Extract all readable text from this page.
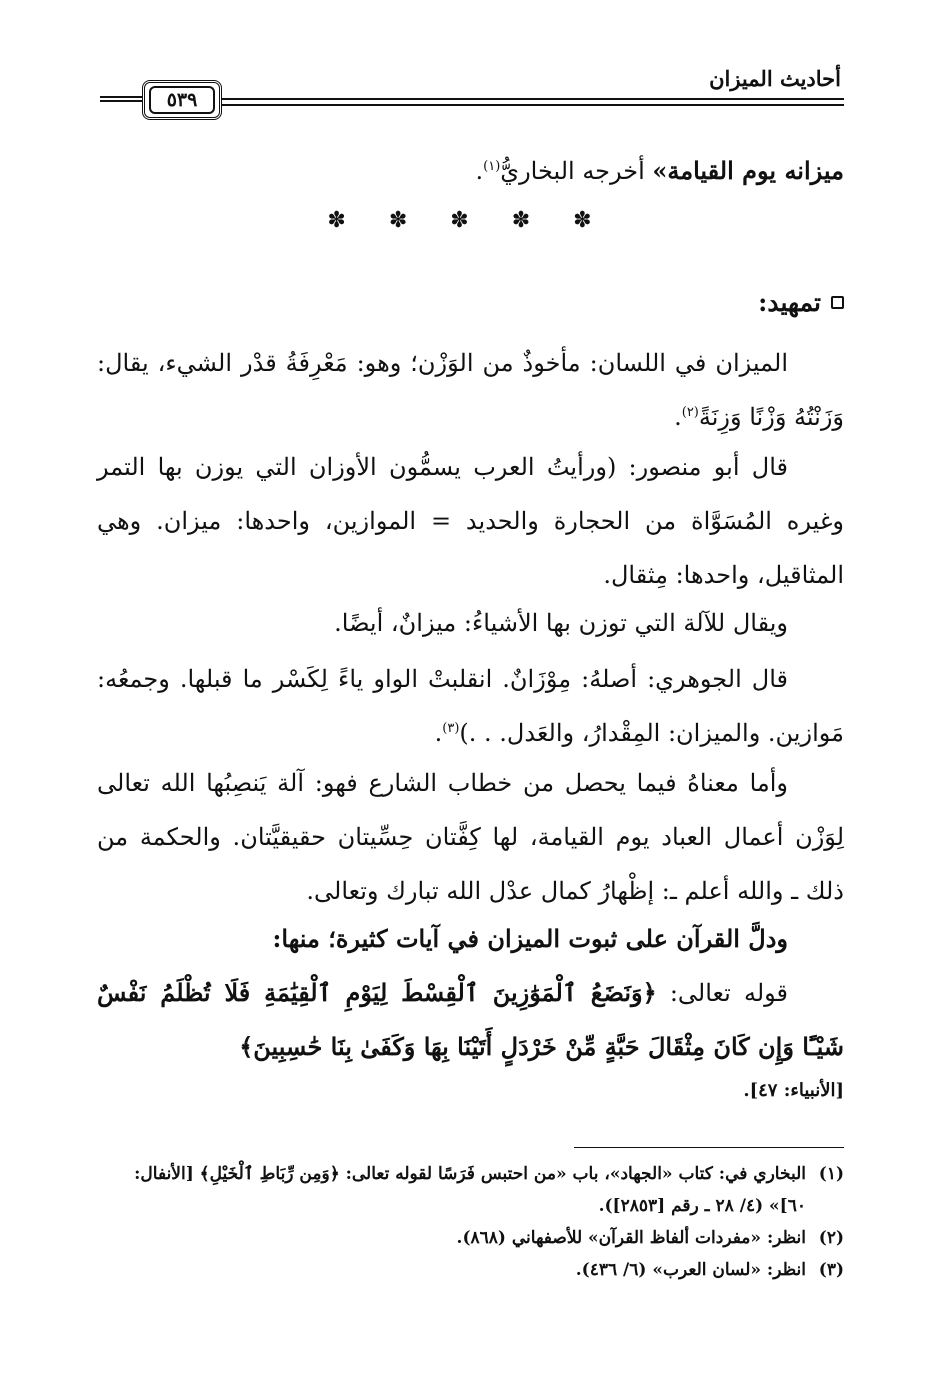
أحاديث الميزان
٥٣٩
ميزانه يوم القيامة» أخرجه البخاريُّ$^{(١)}$.
✽ ✽ ✽ ✽ ✽
تمهيد:

الميزان في اللسان: مأخوذٌ من الوَزْن؛ وهو: مَعْرِفَةُ قدْر الشيء، يقال: وَزَنْتُهُ وَزْنًا وَزِنَةً$^{(٢)}$.

قال أبو منصور: (ورأيتُ العرب يسمُّون الأوزان التي يوزن بها التمر وغيره المُسَوَّاة من الحجارة والحديد = الموازين، واحدها: ميزان. وهي المثاقيل، واحدها: مِثقال.

ويقال للآلة التي توزن بها الأشياءُ: ميزانٌ، أيضًا.

قال الجوهري: أصلهُ: مِوْزَانٌ. انقلبتْ الواو ياءً لِكَسْر ما قبلها. وجمعُه: مَوازين. والميزان: المِقْدارُ، والعَدل. . .)$^{(٣)}$.

وأما معناهُ فيما يحصل من خطاب الشارع فهو: آلة يَنصِبُها الله تعالى لِوَزْن أعمال العباد يوم القيامة، لها كِفَّتان حِسِّيتان حقيقيَّتان. والحكمة من ذلك ـ والله أعلم ـ: إظْهارُ كمال عدْل الله تبارك وتعالى.

ودلَّ القرآن على ثبوت الميزان في آيات كثيرة؛ منها:

قوله تعالى: ﴿وَنَضَعُ ٱلْمَوَٰزِينَ ٱلْقِسْطَ لِيَوْمِ ٱلْقِيَٰمَةِ فَلَا تُظْلَمُ نَفْسٌ شَيْـًٔا وَإِن كَانَ مِثْقَالَ حَبَّةٍ مِّنْ خَرْدَلٍ أَتَيْنَا بِهَا وَكَفَىٰ بِنَا حَٰسِبِينَ﴾

[الأنبياء: ٤٧].
(١)
البخاري في: كتاب «الجهاد»، باب «من احتبس فَرَسًا لقوله تعالى: ﴿وَمِن رِّبَاطِ ٱلْخَيْلِ﴾ [الأنفال: ٦٠]» (٤/ ٢٨ ـ رقم [٢٨٥٣]).
(٢)
انظر: «مفردات ألفاظ القرآن» للأصفهاني (٨٦٨).
(٣)
انظر: «لسان العرب» (٦/ ٤٣٦).
